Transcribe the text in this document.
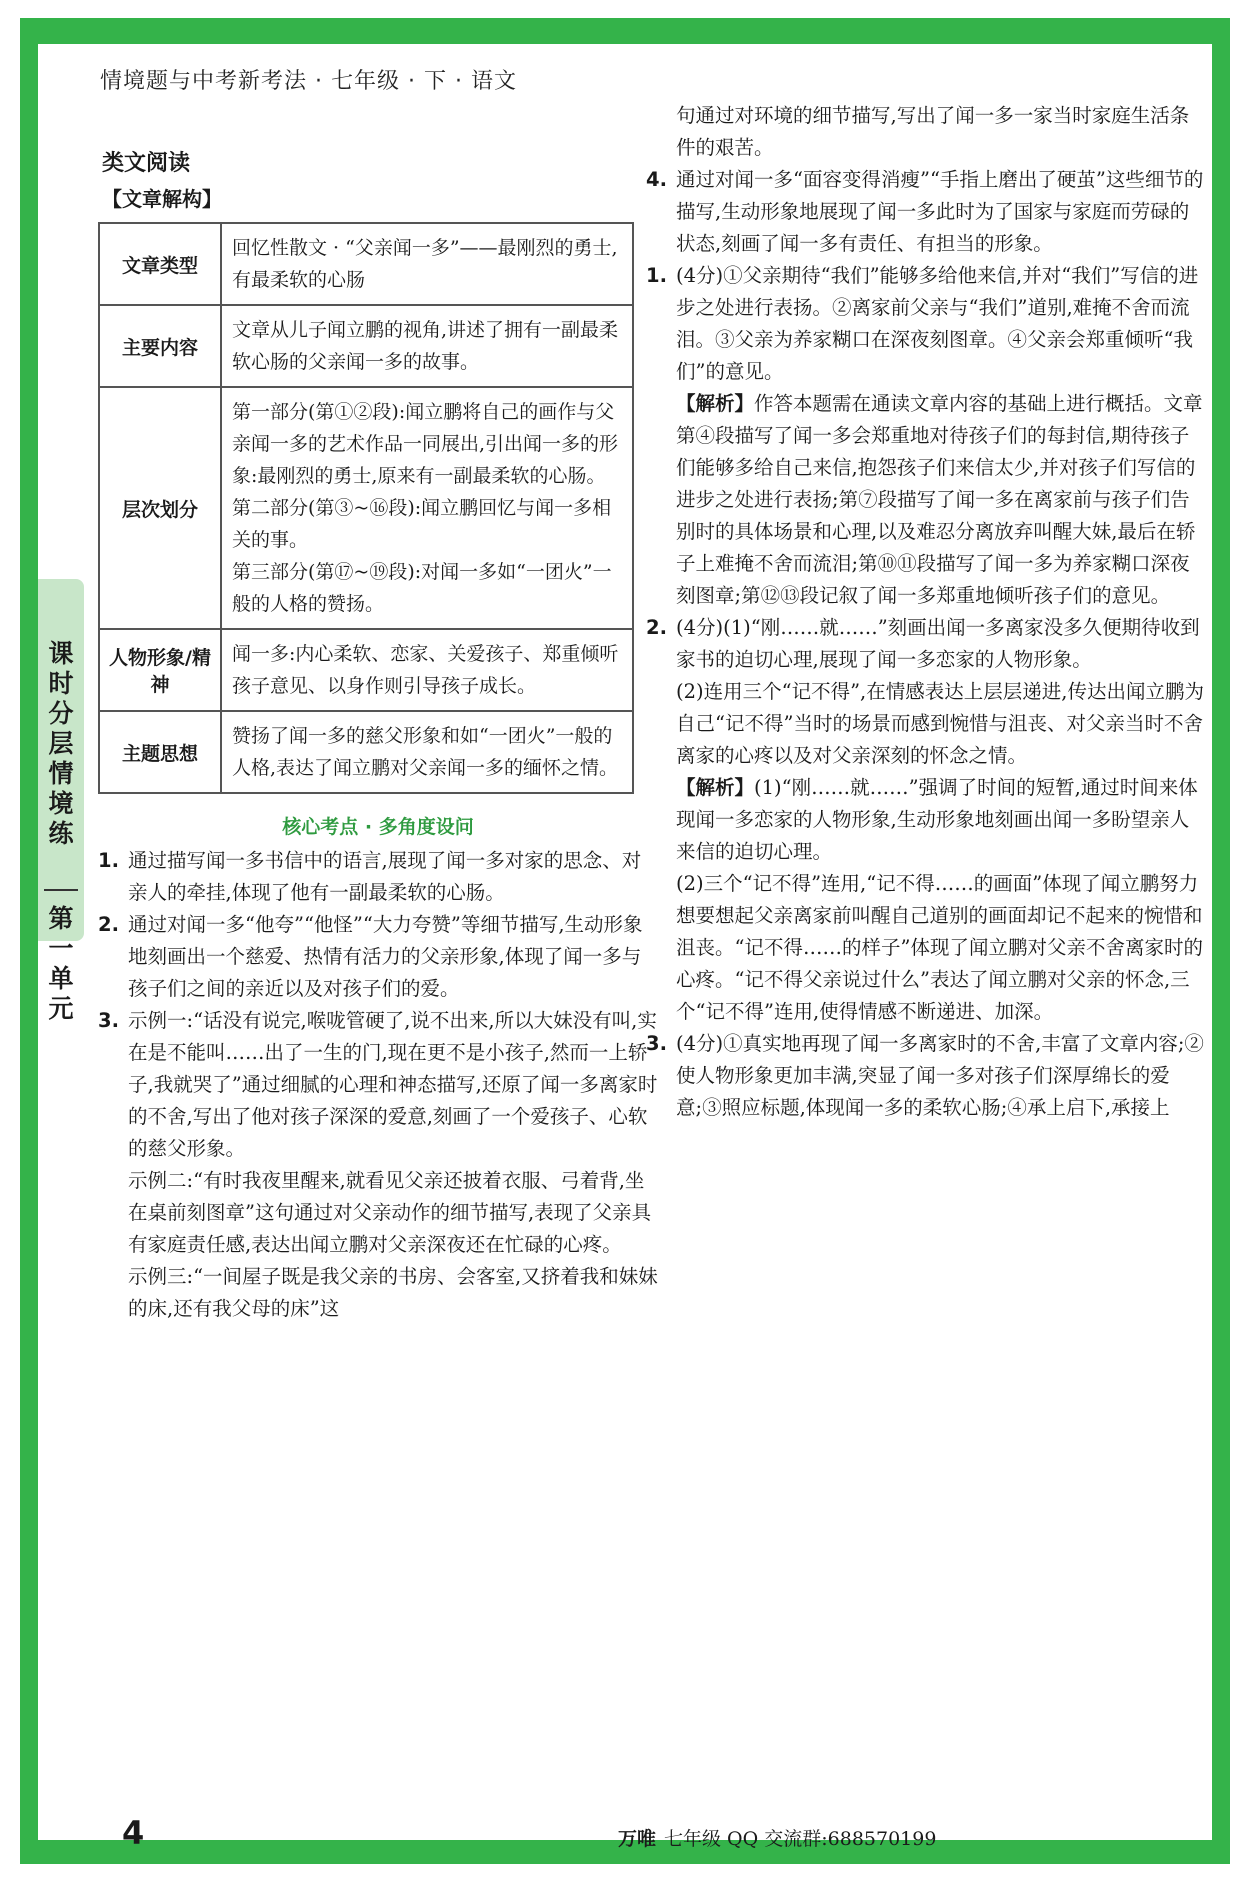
情境题与中考新考法 · 七年级 · 下 · 语文
课时分层情境练
第一单元
类文阅读
【文章解构】
文章类型	回忆性散文 · “父亲闻一多”——最刚烈的勇士,有最柔软的心肠

主要内容	文章从儿子闻立鹏的视角,讲述了拥有一副最柔软心肠的父亲闻一多的故事。

层次划分	第一部分(第①②段):闻立鹏将自己的画作与父亲闻一多的艺术作品一同展出,引出闻一多的形象:最刚烈的勇士,原来有一副最柔软的心肠。

第二部分(第③~⑯段):闻立鹏回忆与闻一多相关的事。

第三部分(第⑰~⑲段):对闻一多如“一团火”一般的人格的赞扬。

人物形象/精神	闻一多:内心柔软、恋家、关爱孩子、郑重倾听孩子意见、以身作则引导孩子成长。

主题思想	赞扬了闻一多的慈父形象和如“一团火”一般的人格,表达了闻立鹏对父亲闻一多的缅怀之情。

核心考点 · 多角度设问

1. 通过描写闻一多书信中的语言,展现了闻一多对家的思念、对亲人的牵挂,体现了他有一副最柔软的心肠。

2. 通过对闻一多“他夸”“他怪”“大力夸赞”等细节描写,生动形象地刻画出一个慈爱、热情有活力的父亲形象,体现了闻一多与孩子们之间的亲近以及对孩子们的爱。

3. 示例一:“话没有说完,喉咙管硬了,说不出来,所以大妹没有叫,实在是不能叫……出了一生的门,现在更不是小孩子,然而一上轿子,我就哭了”通过细腻的心理和神态描写,还原了闻一多离家时的不舍,写出了他对孩子深深的爱意,刻画了一个爱孩子、心软的慈父形象。

示例二:“有时我夜里醒来,就看见父亲还披着衣服、弓着背,坐在桌前刻图章”这句通过对父亲动作的细节描写,表现了父亲具有家庭责任感,表达出闻立鹏对父亲深夜还在忙碌的心疼。

示例三:“一间屋子既是我父亲的书房、会客室,又挤着我和妹妹的床,还有我父母的床”这

句通过对环境的细节描写,写出了闻一多一家当时家庭生活条件的艰苦。

4. 通过对闻一多“面容变得消瘦”“手指上磨出了硬茧”这些细节的描写,生动形象地展现了闻一多此时为了国家与家庭而劳碌的状态,刻画了闻一多有责任、有担当的形象。

1. (4分)①父亲期待“我们”能够多给他来信,并对“我们”写信的进步之处进行表扬。②离家前父亲与“我们”道别,难掩不舍而流泪。③父亲为养家糊口在深夜刻图章。④父亲会郑重倾听“我们”的意见。

【解析】作答本题需在通读文章内容的基础上进行概括。文章第④段描写了闻一多会郑重地对待孩子们的每封信,期待孩子们能够多给自己来信,抱怨孩子们来信太少,并对孩子们写信的进步之处进行表扬;第⑦段描写了闻一多在离家前与孩子们告别时的具体场景和心理,以及难忍分离放弃叫醒大妹,最后在轿子上难掩不舍而流泪;第⑩⑪段描写了闻一多为养家糊口深夜刻图章;第⑫⑬段记叙了闻一多郑重地倾听孩子们的意见。

2. (4分)(1)“刚……就……”刻画出闻一多离家没多久便期待收到家书的迫切心理,展现了闻一多恋家的人物形象。

(2)连用三个“记不得”,在情感表达上层层递进,传达出闻立鹏为自己“记不得”当时的场景而感到惋惜与沮丧、对父亲当时不舍离家的心疼以及对父亲深刻的怀念之情。

【解析】(1)“刚……就……”强调了时间的短暂,通过时间来体现闻一多恋家的人物形象,生动形象地刻画出闻一多盼望亲人来信的迫切心理。

(2)三个“记不得”连用,“记不得……的画面”体现了闻立鹏努力想要想起父亲离家前叫醒自己道别的画面却记不起来的惋惜和沮丧。“记不得……的样子”体现了闻立鹏对父亲不舍离家时的心疼。“记不得父亲说过什么”表达了闻立鹏对父亲的怀念,三个“记不得”连用,使得情感不断递进、加深。

3. (4分)①真实地再现了闻一多离家时的不舍,丰富了文章内容;②使人物形象更加丰满,突显了闻一多对孩子们深厚绵长的爱意;③照应标题,体现闻一多的柔软心肠;④承上启下,承接上

4	万唯 七年级 QQ 交流群:688570199
